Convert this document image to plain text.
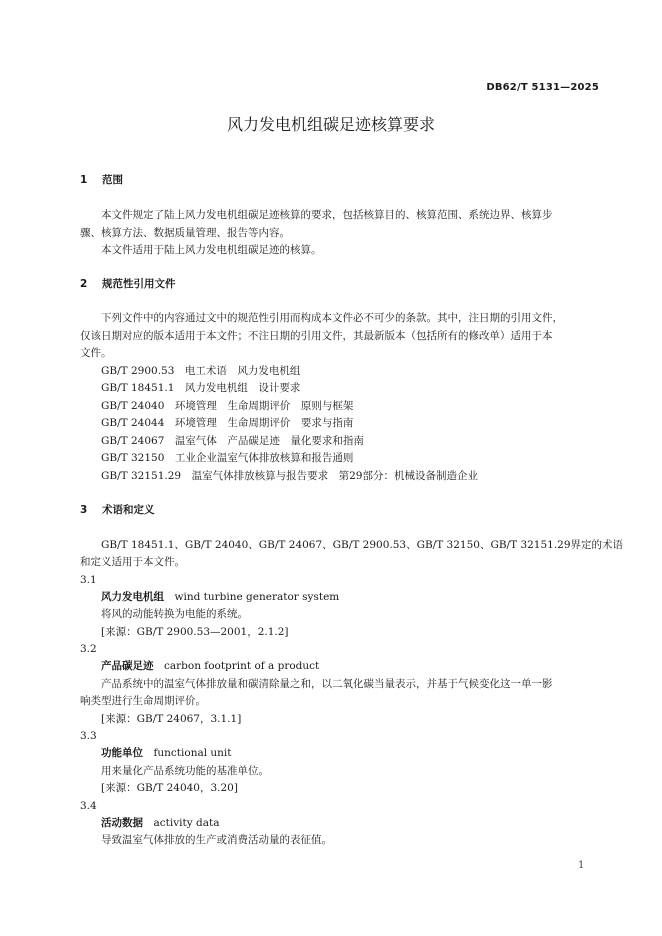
DB62/T 5131—2025
风力发电机组碳足迹核算要求
1 范围
本文件规定了陆上风力发电机组碳足迹核算的要求，包括核算目的、核算范围、系统边界、核算步
骤、核算方法、数据质量管理、报告等内容。
本文件适用于陆上风力发电机组碳足迹的核算。
2 规范性引用文件
下列文件中的内容通过文中的规范性引用而构成本文件必不可少的条款。其中，注日期的引用文件，
仅该日期对应的版本适用于本文件；不注日期的引用文件，其最新版本（包括所有的修改单）适用于本
文件。
GB/T 2900.53　电工术语　风力发电机组
GB/T 18451.1　风力发电机组　设计要求
GB/T 24040　环境管理　生命周期评价　原则与框架
GB/T 24044　环境管理　生命周期评价　要求与指南
GB/T 24067　温室气体　产品碳足迹　量化要求和指南
GB/T 32150　工业企业温室气体排放核算和报告通则
GB/T 32151.29　温室气体排放核算与报告要求　第29部分：机械设备制造企业
3 术语和定义
GB/T 18451.1、GB/T 24040、GB/T 24067、GB/T 2900.53、GB/T 32150、GB/T 32151.29界定的术语
和定义适用于本文件。
3.1
风力发电机组　 wind turbine generator system
将风的动能转换为电能的系统。
[来源：GB/T 2900.53—2001，2.1.2]
3.2
产品碳足迹　 carbon footprint of a product
产品系统中的温室气体排放量和碳清除量之和，以二氧化碳当量表示，并基于气候变化这一单一影
响类型进行生命周期评价。
[来源：GB/T 24067，3.1.1]
3.3
功能单位　 functional unit
用来量化产品系统功能的基准单位。
[来源：GB/T 24040，3.20]
3.4
活动数据　 activity data
导致温室气体排放的生产或消费活动量的表征值。
1
